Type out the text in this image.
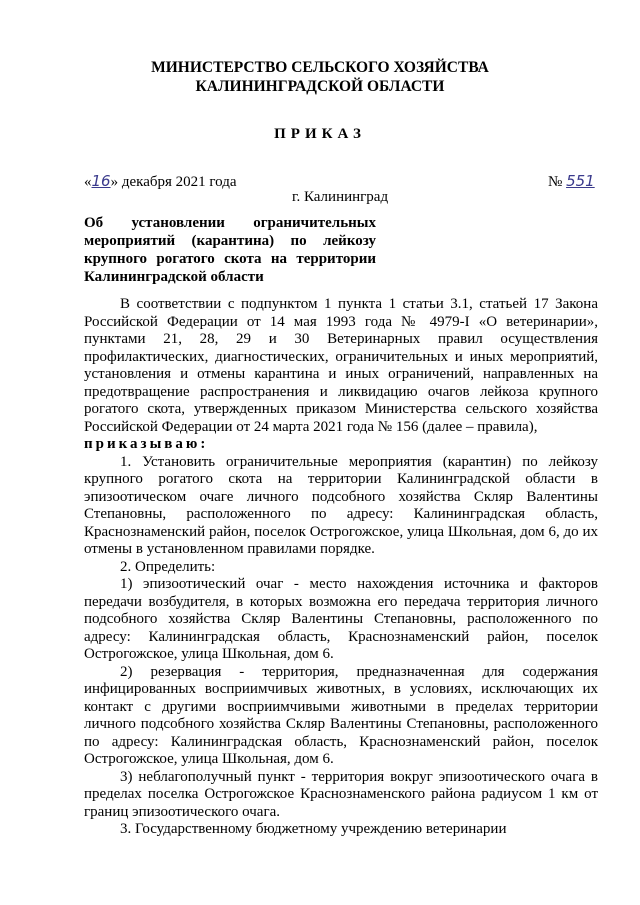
МИНИСТЕРСТВО СЕЛЬСКОГО ХОЗЯЙСТВА
КАЛИНИНГРАДСКОЙ ОБЛАСТИ
ПРИКАЗ
«16» декабря 2021 года	№ 551
г. Калининград
Об установлении ограничительных мероприятий (карантина) по лейкозу крупного рогатого скота на территории
Калининградской области

В соответствии с подпунктом 1 пункта 1 статьи 3.1, статьей 17 Закона Российской Федерации от 14 мая 1993 года № 4979-I «О ветеринарии», пунктами 21, 28, 29 и 30 Ветеринарных правил осуществления профилактических, диагностических, ограничительных и иных мероприятий, установления и отмены карантина и иных ограничений, направленных на предотвращение распространения и ликвидацию очагов лейкоза крупного рогатого скота, утвержденных приказом Министерства сельского хозяйства Российской Федерации от 24 марта 2021 года № 156 (далее – правила),

приказываю:

1. Установить ограничительные мероприятия (карантин) по лейкозу крупного рогатого скота на территории Калининградской области в эпизоотическом очаге личного подсобного хозяйства Скляр Валентины Степановны, расположенного по адресу: Калининградская область, Краснознаменский район, поселок Острогожское, улица Школьная, дом 6, до их отмены в установленном правилами порядке.

2. Определить:

1) эпизоотический очаг - место нахождения источника и факторов передачи возбудителя, в которых возможна его передача территория личного подсобного хозяйства Скляр Валентины Степановны, расположенного по адресу: Калининградская область, Краснознаменский район, поселок Острогожское, улица Школьная, дом 6.

2) резервация - территория, предназначенная для содержания инфицированных восприимчивых животных, в условиях, исключающих их контакт с другими восприимчивыми животными в пределах территории личного подсобного хозяйства Скляр Валентины Степановны, расположенного по адресу: Калининградская область, Краснознаменский район, поселок Острогожское, улица Школьная, дом 6.

3) неблагополучный пункт - территория вокруг эпизоотического очага в пределах поселка Острогожское Краснознаменского района радиусом 1 км от границ эпизоотического очага.

3. Государственному бюджетному учреждению ветеринарии
